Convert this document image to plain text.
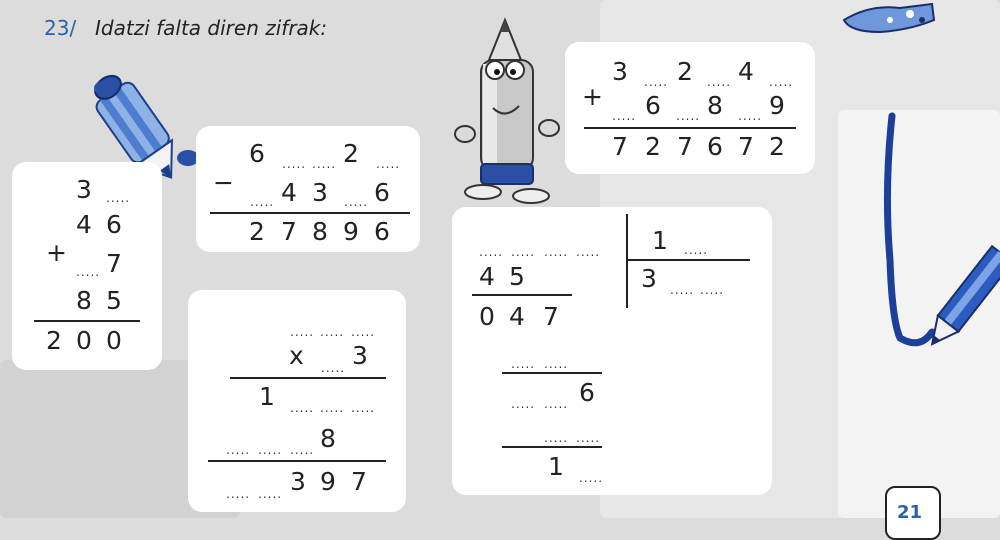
23/ Idatzi falta diren zifrak:
3 .....
4 6
+
..... 7
8 5
2 0 0
6 ..... ..... 2 .....
−
..... 4 3 ..... 6
2 7 8 9 6
3 ..... 2 ..... 4 .....
+
..... 6 ..... 8 ..... 9
7 2 7 6 7 2
..... ..... .....
x ..... 3
1 ..... ..... .....
..... ..... ..... 8
..... ..... 3 9 7
..... ..... ..... .....
4 5
0 4 7
..... .....
..... ..... 6
..... .....
1 .....
1 .....
3 ..... .....
21
